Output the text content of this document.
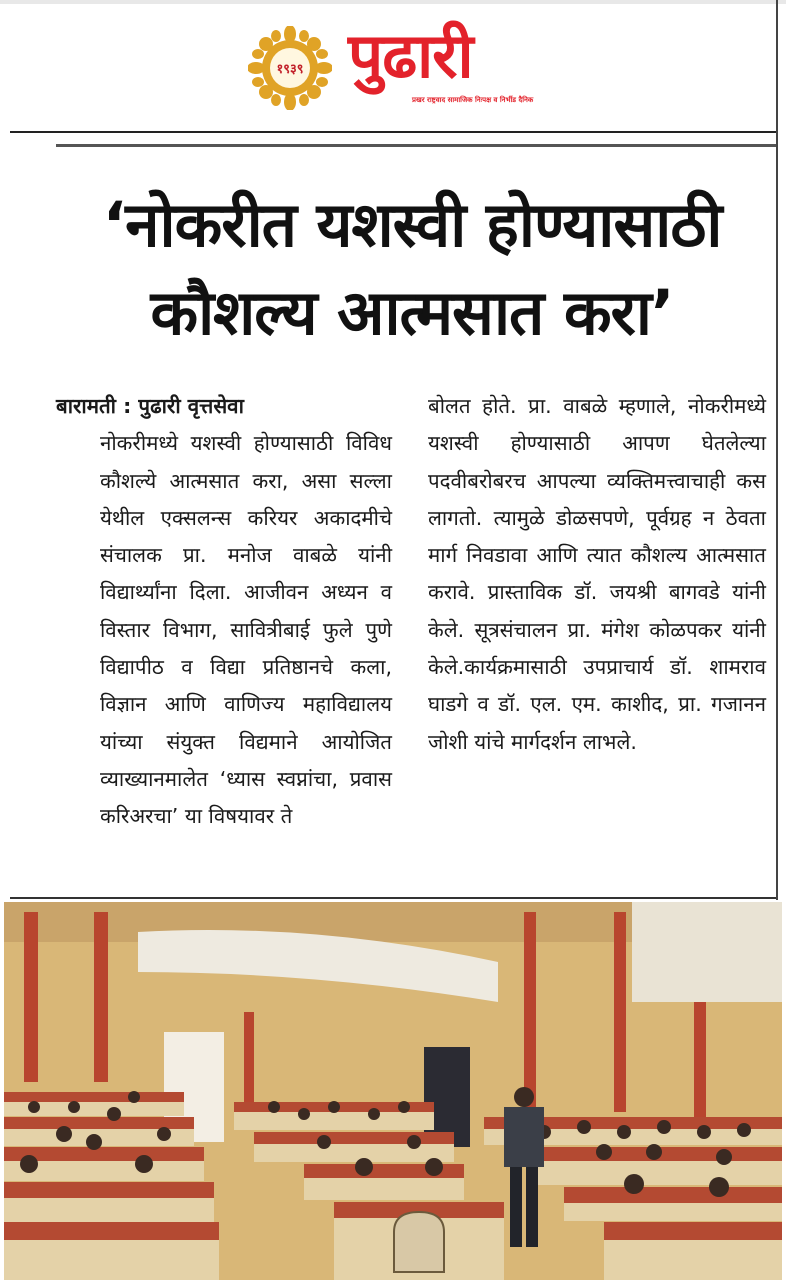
१९३९ पुढारी
प्रखर राष्ट्रवाद सामाजिक निःपक्ष व निर्भीड दैनिक
‘नोकरीत यशस्वी होण्यासाठी
कौशल्य आत्मसात करा’
बारामती : पुढारी वृत्तसेवा
नोकरीमध्ये यशस्वी होण्यासाठी विविध कौशल्ये आत्मसात करा, असा सल्ला येथील एक्सलन्स करियर अकादमीचे संचालक प्रा. मनोज वाबळे यांनी विद्यार्थ्यांना दिला. आजीवन अध्यन व विस्तार विभाग, सावित्रीबाई फुले पुणे विद्यापीठ व विद्या प्रतिष्ठानचे कला, विज्ञान आणि वाणिज्य महाविद्यालय यांच्या संयुक्त विद्यमाने आयोजित व्याख्यानमालेत ‘ध्यास स्वप्नांचा, प्रवास करिअरचा’ या विषयावर ते
बोलत होते. प्रा. वाबळे म्हणाले, नोकरीमध्ये यशस्वी होण्यासाठी आपण घेतलेल्या पदवीबरोबरच आपल्या व्यक्तिमत्त्वाचाही कस लागतो. त्यामुळे डोळसपणे, पूर्वग्रह न ठेवता मार्ग निवडावा आणि त्यात कौशल्य आत्मसात करावे. प्रास्ताविक डॉ. जयश्री बागवडे यांनी केले. सूत्रसंचालन प्रा. मंगेश कोळपकर यांनी केले.कार्यक्रमासाठी उपप्राचार्य डॉ. शामराव घाडगे व डॉ. एल. एम. काशीद, प्रा. गजानन जोशी यांचे मार्गदर्शन लाभले.
